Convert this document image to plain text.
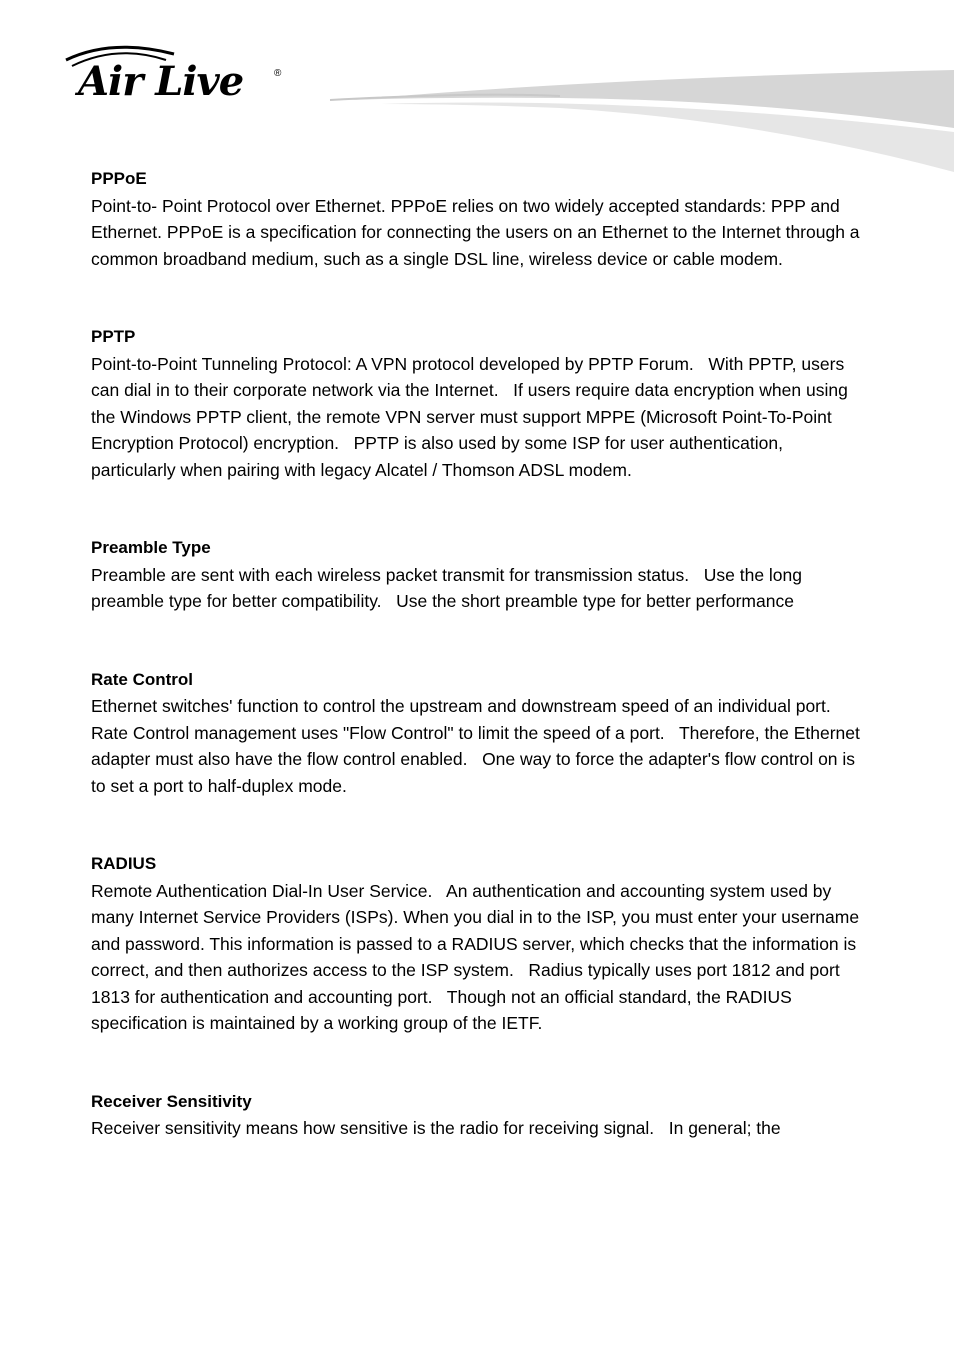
Air Live	®

PPPoE

Point-to- Point Protocol over Ethernet. PPPoE relies on two widely accepted standards: PPP and Ethernet. PPPoE is a specification for connecting the users on an Ethernet to the Internet through a common broadband medium, such as a single DSL line, wireless device or cable modem.

PPTP

Point-to-Point Tunneling Protocol: A VPN protocol developed by PPTP Forum.   With PPTP, users can dial in to their corporate network via the Internet.   If users require data encryption when using the Windows PPTP client, the remote VPN server must support MPPE (Microsoft Point-To-Point Encryption Protocol) encryption.   PPTP is also used by some ISP for user authentication, particularly when pairing with legacy Alcatel / Thomson ADSL modem.

Preamble Type

Preamble are sent with each wireless packet transmit for transmission status.   Use the long preamble type for better compatibility.   Use the short preamble type for better performance

Rate Control

Ethernet switches' function to control the upstream and downstream speed of an individual port.   Rate Control management uses "Flow Control" to limit the speed of a port.   Therefore, the Ethernet adapter must also have the flow control enabled.   One way to force the adapter's flow control on is to set a port to half-duplex mode.

RADIUS

Remote Authentication Dial-In User Service.   An authentication and accounting system used by many Internet Service Providers (ISPs). When you dial in to the ISP, you must enter your username and password. This information is passed to a RADIUS server, which checks that the information is correct, and then authorizes access to the ISP system.   Radius typically uses port 1812 and port 1813 for authentication and accounting port.   Though not an official standard, the RADIUS specification is maintained by a working group of the IETF.

Receiver Sensitivity

Receiver sensitivity means how sensitive is the radio for receiving signal.   In general; the
